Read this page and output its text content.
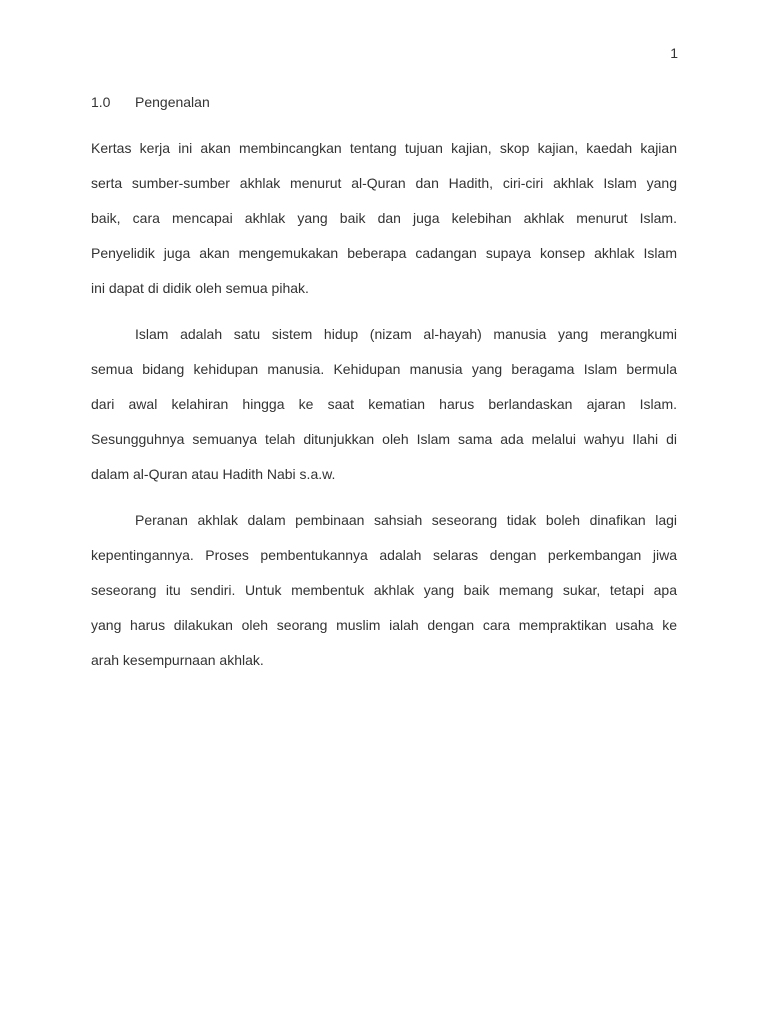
1
1.0 Pengenalan
Kertas kerja ini akan membincangkan tentang tujuan kajian, skop kajian, kaedah kajian
serta sumber-sumber akhlak menurut al-Quran dan Hadith, ciri-ciri akhlak Islam yang
baik, cara mencapai akhlak yang baik dan juga kelebihan akhlak menurut Islam.
Penyelidik juga akan mengemukakan beberapa cadangan supaya konsep akhlak Islam
ini dapat di didik oleh semua pihak.
Islam adalah satu sistem hidup (nizam al-hayah) manusia yang merangkumi
semua bidang kehidupan manusia. Kehidupan manusia yang beragama Islam bermula
dari awal kelahiran hingga ke saat kematian harus berlandaskan ajaran Islam.
Sesungguhnya semuanya telah ditunjukkan oleh Islam sama ada melalui wahyu Ilahi di
dalam al-Quran atau Hadith Nabi s.a.w.
Peranan akhlak dalam pembinaan sahsiah seseorang tidak boleh dinafikan lagi
kepentingannya. Proses pembentukannya adalah selaras dengan perkembangan jiwa
seseorang itu sendiri. Untuk membentuk akhlak yang baik memang sukar, tetapi apa
yang harus dilakukan oleh seorang muslim ialah dengan cara mempraktikan usaha ke
arah kesempurnaan akhlak.
